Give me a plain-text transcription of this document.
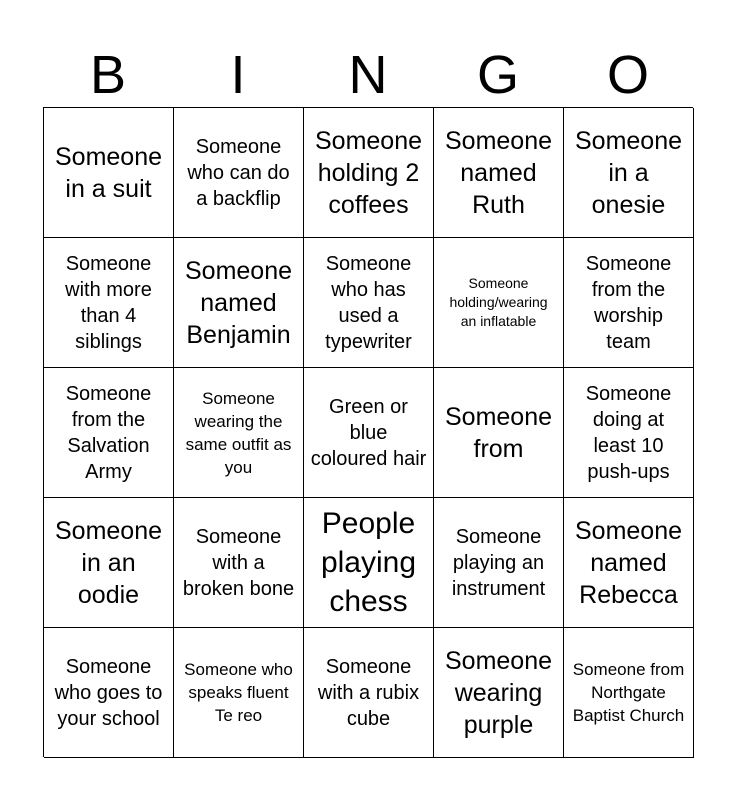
B	I	N	G	O
Someone in a suit
Someone who can do a backflip
Someone holding 2 coffees
Someone named Ruth
Someone in a onesie
Someone with more than 4 siblings
Someone named Benjamin
Someone who has used a typewriter
Someone holding/wearing an inflatable
Someone from the worship team
Someone from the Salvation Army
Someone wearing the same outfit as you
Green or blue coloured hair
Someone from
Someone doing at least 10 push-ups
Someone in an oodie
Someone with a broken bone
People playing chess
Someone playing an instrument
Someone named Rebecca
Someone who goes to your school
Someone who speaks fluent Te reo
Someone with a rubix cube
Someone wearing purple
Someone from Northgate Baptist Church
